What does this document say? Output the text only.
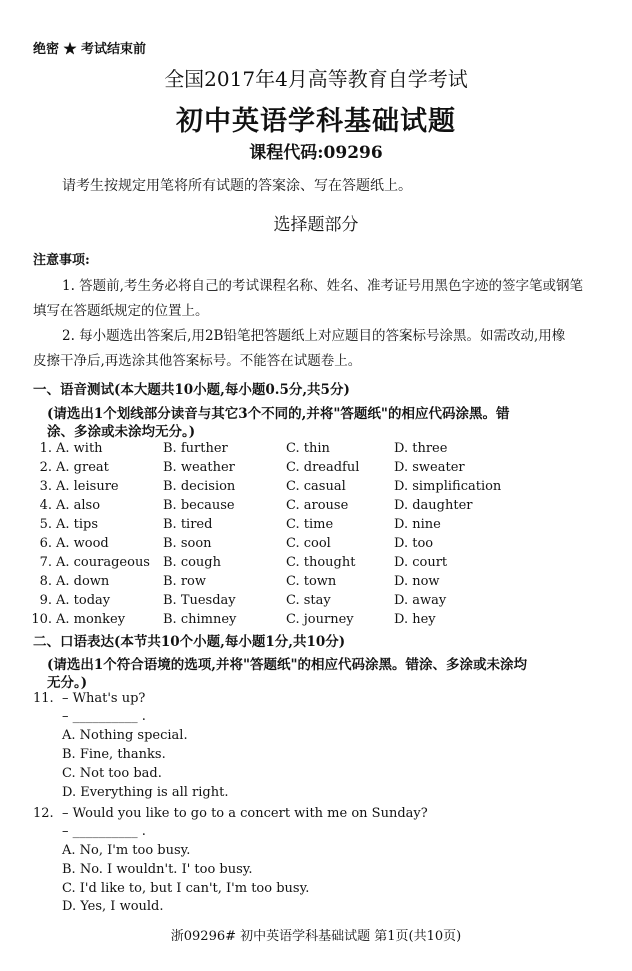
绝密 ★ 考试结束前
全国2017年4月高等教育自学考试
初中英语学科基础试题
课程代码:09296
请考生按规定用笔将所有试题的答案涂、写在答题纸上。
选择题部分
注意事项:
1. 答题前,考生务必将自己的考试课程名称、姓名、准考证号用黑色字迹的签字笔或钢笔
填写在答题纸规定的位置上。
2. 每小题选出答案后,用2B铅笔把答题纸上对应题目的答案标号涂黑。如需改动,用橡
皮擦干净后,再选涂其他答案标号。不能答在试题卷上。
一、语音测试(本大题共10小题,每小题0.5分,共5分)
(请选出1个划线部分读音与其它3个不同的,并将"答题纸"的相应代码涂黑。错
涂、多涂或未涂均无分。)
1. A. with	B. further	C. thin	D. three
2. A. great	B. weather	C. dreadful	D. sweater
3. A. leisure	B. decision	C. casual	D. simplification
4. A. also	B. because	C. arouse	D. daughter
5. A. tips	B. tired	C. time	D. nine
6. A. wood	B. soon	C. cool	D. too
7. A. courageous B. cough	C. thought	D. court
8. A. down	B. row	C. town	D. now
9. A. today	B. Tuesday	C. stay	D. away
10. A. monkey	B. chimney	C. journey	D. hey
二、口语表达(本节共10个小题,每小题1分,共10分)
(请选出1个符合语境的选项,并将"答题纸"的相应代码涂黑。错涂、多涂或未涂均
无分。)
11. – What's up?
– __________ .
A. Nothing special.
B. Fine, thanks.
C. Not too bad.
D. Everything is all right.
12. – Would you like to go to a concert with me on Sunday?
– __________ .
A. No, I'm too busy.
B. No. I wouldn't. I' too busy.
C. I'd like to, but I can't, I'm too busy.
D. Yes, I would.
浙09296# 初中英语学科基础试题 第1页(共10页)
